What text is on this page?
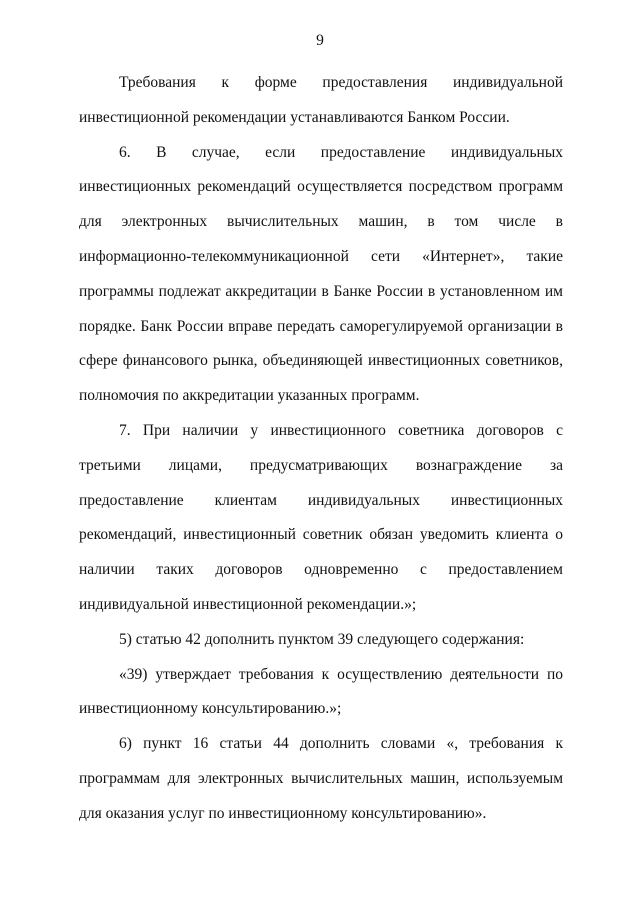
9

Требования к форме предоставления индивидуальной инвестиционной рекомендации устанавливаются Банком России.

6. В случае, если предоставление индивидуальных инвестиционных рекомендаций осуществляется посредством программ для электронных вычислительных машин, в том числе в информационно-телекоммуникационной сети «Интернет», такие программы подлежат аккредитации в Банке России в установленном им порядке. Банк России вправе передать саморегулируемой организации в сфере финансового рынка, объединяющей инвестиционных советников, полномочия по аккредитации указанных программ.

7. При наличии у инвестиционного советника договоров с третьими лицами, предусматривающих вознаграждение за предоставление клиентам индивидуальных инвестиционных рекомендаций, инвестиционный советник обязан уведомить клиента о наличии таких договоров одновременно с предоставлением индивидуальной инвестиционной рекомендации.»;

5) статью 42 дополнить пунктом 39 следующего содержания:

«39) утверждает требования к осуществлению деятельности по инвестиционному консультированию.»;

6) пункт 16 статьи 44 дополнить словами «, требования к программам для электронных вычислительных машин, используемым для оказания услуг по инвестиционному консультированию».
